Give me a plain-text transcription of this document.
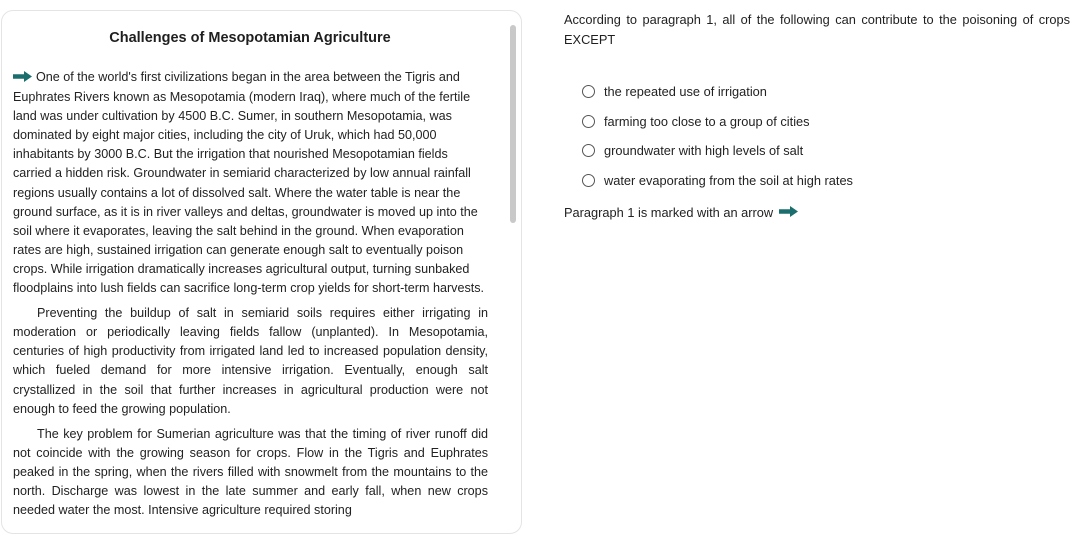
Challenges of Mesopotamian Agriculture

One of the world's first civilizations began in the area between the Tigris and Euphrates Rivers known as Mesopotamia (modern Iraq), where much of the fertile land was under cultivation by 4500 B.C. Sumer, in southern Mesopotamia, was dominated by eight major cities, including the city of Uruk, which had 50,000 inhabitants by 3000 B.C. But the irrigation that nourished Mesopotamian fields carried a hidden risk. Groundwater in semiarid characterized by low annual rainfall regions usually contains a lot of dissolved salt. Where the water table is near the ground surface, as it is in river valleys and deltas, groundwater is moved up into the soil where it evaporates, leaving the salt behind in the ground. When evaporation rates are high, sustained irrigation can generate enough salt to eventually poison crops. While irrigation dramatically increases agricultural output, turning sunbaked floodplains into lush fields can sacrifice long-term crop yields for short-term harvests.

Preventing the buildup of salt in semiarid soils requires either irrigating in moderation or periodically leaving fields fallow (unplanted). In Mesopotamia, centuries of high productivity from irrigated land led to increased population density, which fueled demand for more intensive irrigation. Eventually, enough salt crystallized in the soil that further increases in agricultural production were not enough to feed the growing population.

The key problem for Sumerian agriculture was that the timing of river runoff did not coincide with the growing season for crops. Flow in the Tigris and Euphrates peaked in the spring, when the rivers filled with snowmelt from the mountains to the north. Discharge was lowest in the late summer and early fall, when new crops needed water the most. Intensive agriculture required storing

According to paragraph 1, all of the following can contribute to the poisoning of crops EXCEPT

the repeated use of irrigation
farming too close to a group of cities
groundwater with high levels of salt
water evaporating from the soil at high rates
Paragraph 1 is marked with an arrow
